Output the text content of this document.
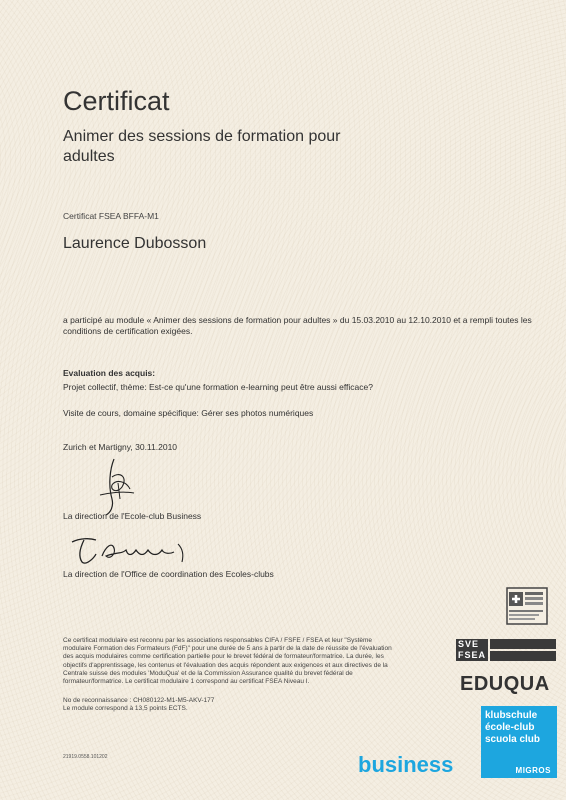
Certificat
Animer des sessions de formation pour adultes
Certificat FSEA BFFA-M1
Laurence Dubosson
a participé au module « Animer des sessions de formation pour adultes » du 15.03.2010 au 12.10.2010 et a rempli toutes les conditions de certification exigées.
Evaluation des acquis:
Projet collectif, thème: Est-ce qu'une formation e-learning peut être aussi efficace?
Visite de cours, domaine spécifique: Gérer ses photos numériques
Zurich et Martigny, 30.11.2010
La direction de l'Ecole-club Business
La direction de l'Office de coordination des Ecoles-clubs
Ce certificat modulaire est reconnu par les associations responsables CIFA / FSFE / FSEA et leur "Système modulaire Formation des Formateurs (FdF)" pour une durée de 5 ans à partir de la date de réussite de l'évaluation des acquis modulaires comme certification partielle pour le brevet fédéral de formateur/formatrice. La durée, les objectifs d'apprentissage, les contenus et l'évaluation des acquis répondent aux exigences et aux directives de la Centrale suisse des modules 'ModuQua' et de la Commission Assurance qualité du brevet fédéral de formateur/formatrice. Le certificat modulaire 1 correspond au certificat FSEA Niveau I.
No de reconnaissance : CH080122-M1-M5-AKV-177
Le module correspond à 13,5 points ECTS.
21919.0558.101202
SVE
FSEA
EDUQUA
klubschule
école-club
scuola club
MIGROS
business
